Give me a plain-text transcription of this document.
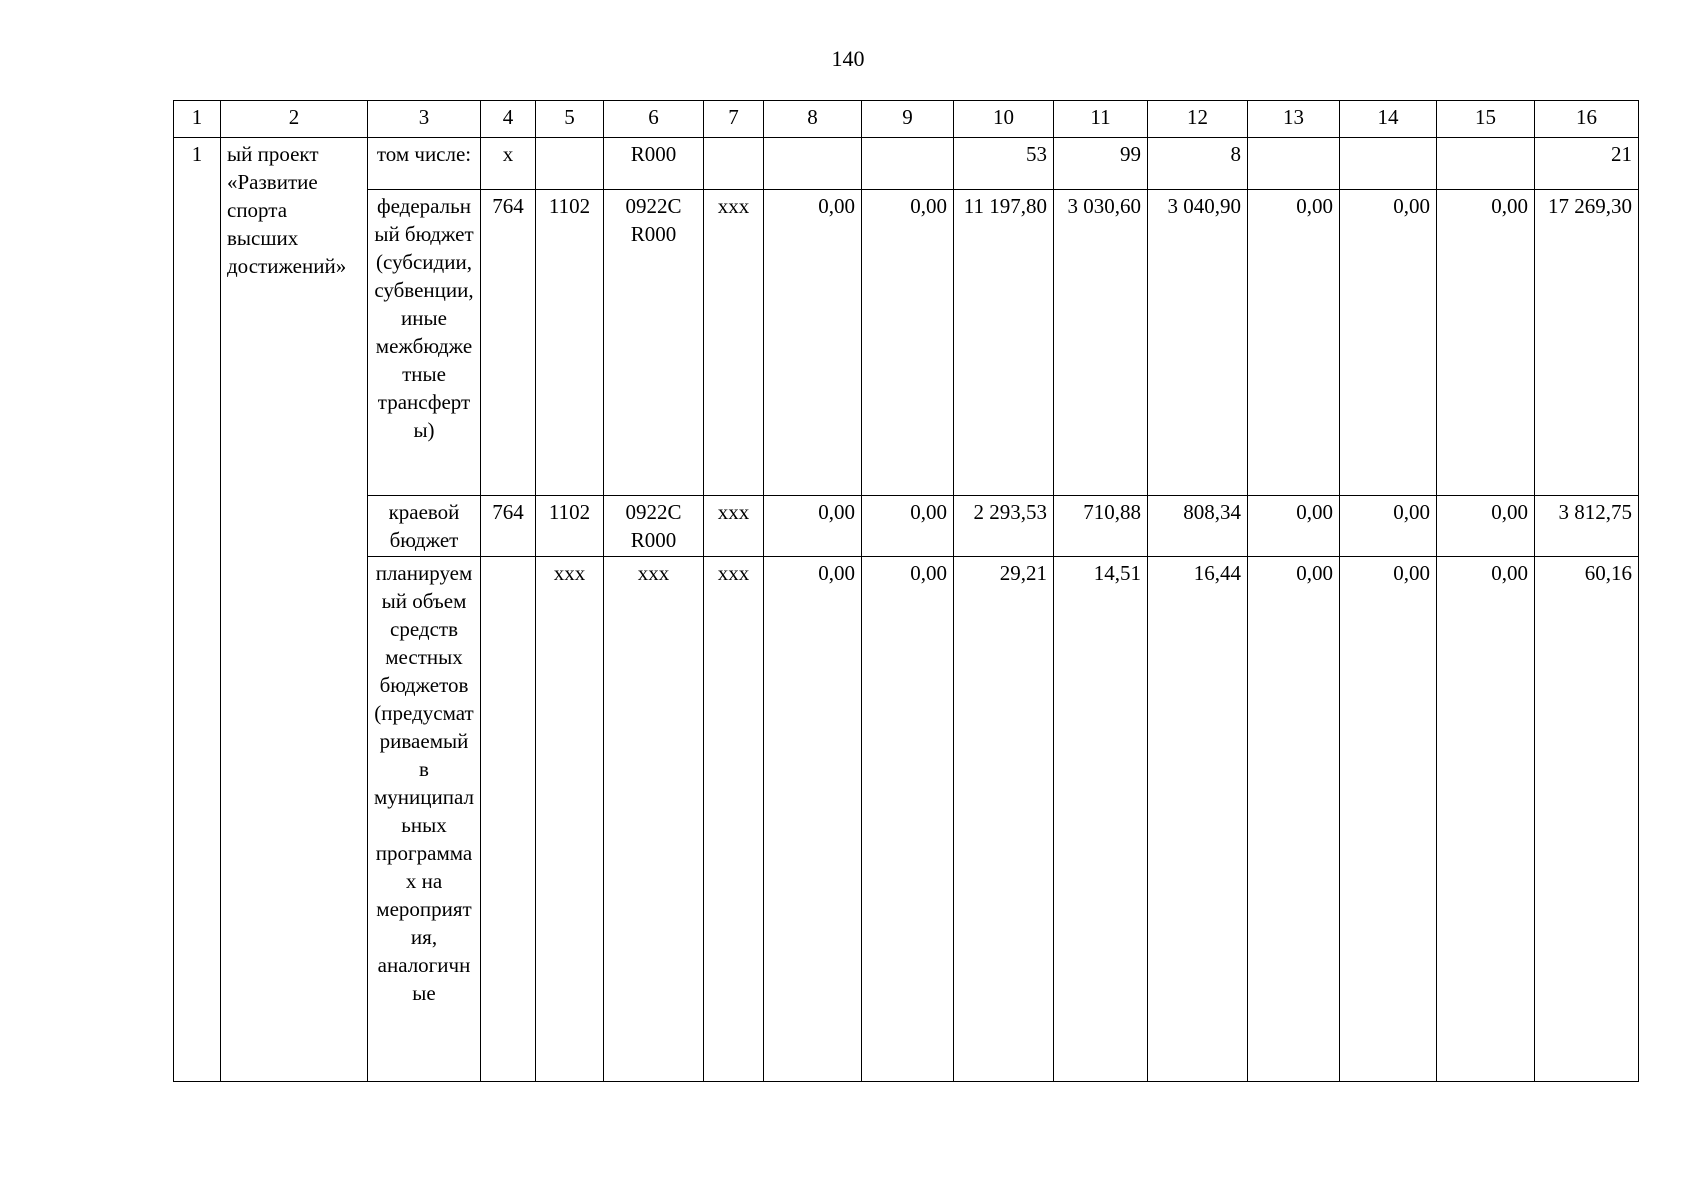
140
1	2	3	4	5	6	7	8	9	10	11	12	13	14	15	16
1	ый проект «Развитие спорта высших достижений»	том числе:	х		R000				53	99	8				21
		федеральный бюджет (субсидии, субвенции, иные межбюджетные трансферты)	764	1102	0922С R000	ххх	0,00	0,00	11 197,80	3 030,60	3 040,90	0,00	0,00	0,00	17 269,30
		краевой бюджет	764	1102	0922С R000	ххх	0,00	0,00	2 293,53	710,88	808,34	0,00	0,00	0,00	3 812,75
		планируемый объем средств местных бюджетов (предусматриваемый в муниципальных программах на мероприятия, аналогичные		ххх	ххх	ххх	0,00	0,00	29,21	14,51	16,44	0,00	0,00	0,00	60,16
